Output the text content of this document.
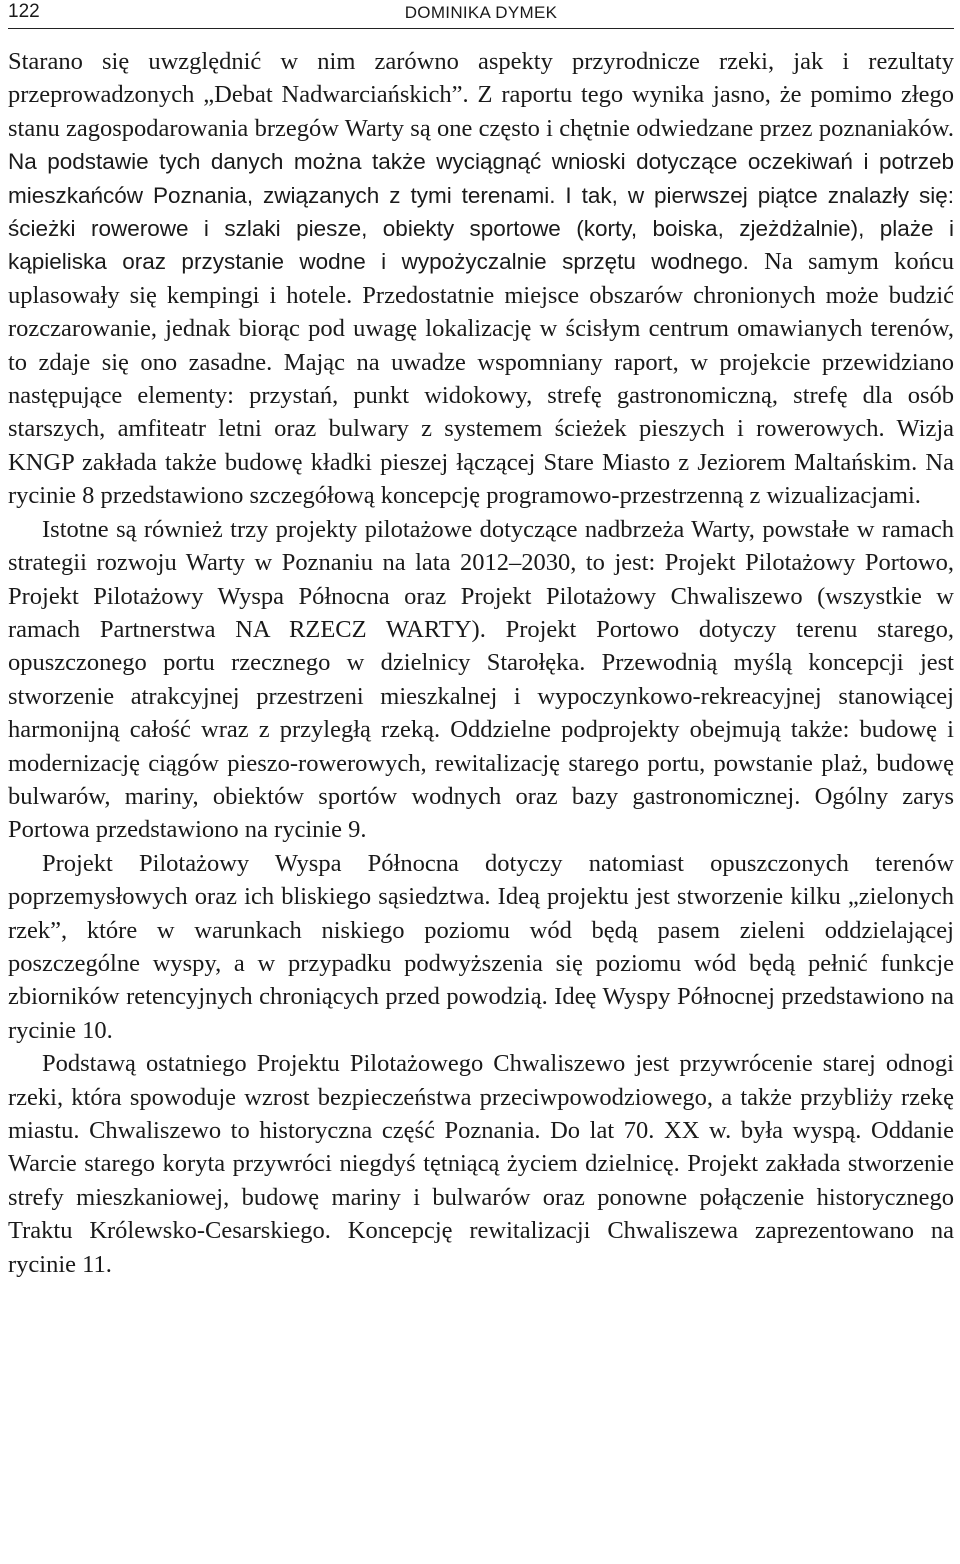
122	DOMINIKA DYMEK

Starano się uwzględnić w nim zarówno aspekty przyrodnicze rzeki, jak i rezultaty przeprowadzonych „Debat Nadwarciańskich”. Z raportu tego wynika jasno, że pomimo złego stanu zagospodarowania brzegów Warty są one często i chętnie odwiedzane przez poznaniaków. Na podstawie tych danych można także wyciągnąć wnioski dotyczące oczekiwań i potrzeb mieszkańców Poznania, związanych z tymi terenami. I tak, w pierwszej piątce znalazły się: ścieżki rowerowe i szlaki piesze, obiekty sportowe (korty, boiska, zjeżdżalnie), plaże i kąpieliska oraz przystanie wodne i wypożyczalnie sprzętu wodnego. Na samym końcu uplasowały się kempingi i hotele. Przedostatnie miejsce obszarów chronionych może budzić rozczarowanie, jednak biorąc pod uwagę lokalizację w ścisłym centrum omawianych terenów, to zdaje się ono zasadne. Mając na uwadze wspomniany raport, w projekcie przewidziano następujące elementy: przystań, punkt widokowy, strefę gastronomiczną, strefę dla osób starszych, amfiteatr letni oraz bulwary z systemem ścieżek pieszych i rowerowych. Wizja KNGP zakłada także budowę kładki pieszej łączącej Stare Miasto z Jeziorem Maltańskim. Na rycinie 8 przedstawiono szczegółową koncepcję programowo-przestrzenną z wizualizacjami.

Istotne są również trzy projekty pilotażowe dotyczące nadbrzeża Warty, powstałe w ramach strategii rozwoju Warty w Poznaniu na lata 2012–2030, to jest: Projekt Pilotażowy Portowo, Projekt Pilotażowy Wyspa Północna oraz Projekt Pilotażowy Chwaliszewo (wszystkie w ramach Partnerstwa NA RZECZ WARTY). Projekt Portowo dotyczy terenu starego, opuszczonego portu rzecznego w dzielnicy Starołęka. Przewodnią myślą koncepcji jest stworzenie atrakcyjnej przestrzeni mieszkalnej i wypoczynkowo-rekreacyjnej stanowiącej harmonijną całość wraz z przyległą rzeką. Oddzielne podprojekty obejmują także: budowę i modernizację ciągów pieszo-rowerowych, rewitalizację starego portu, powstanie plaż, budowę bulwarów, mariny, obiektów sportów wodnych oraz bazy gastronomicznej. Ogólny zarys Portowa przedstawiono na rycinie 9.

Projekt Pilotażowy Wyspa Północna dotyczy natomiast opuszczonych terenów poprzemysłowych oraz ich bliskiego sąsiedztwa. Ideą projektu jest stworzenie kilku „zielonych rzek”, które w warunkach niskiego poziomu wód będą pasem zieleni oddzielającej poszczególne wyspy, a w przypadku podwyższenia się poziomu wód będą pełnić funkcje zbiorników retencyjnych chroniących przed powodzią. Ideę Wyspy Północnej przedstawiono na rycinie 10.

Podstawą ostatniego Projektu Pilotażowego Chwaliszewo jest przywrócenie starej odnogi rzeki, która spowoduje wzrost bezpieczeństwa przeciwpowodziowego, a także przybliży rzekę miastu. Chwaliszewo to historyczna część Poznania. Do lat 70. XX w. była wyspą. Oddanie Warcie starego koryta przywróci niegdyś tętniącą życiem dzielnicę. Projekt zakłada stworzenie strefy mieszkaniowej, budowę mariny i bulwarów oraz ponowne połączenie historycznego Traktu Królewsko-Cesarskiego. Koncepcję rewitalizacji Chwaliszewa zaprezentowano na rycinie 11.
